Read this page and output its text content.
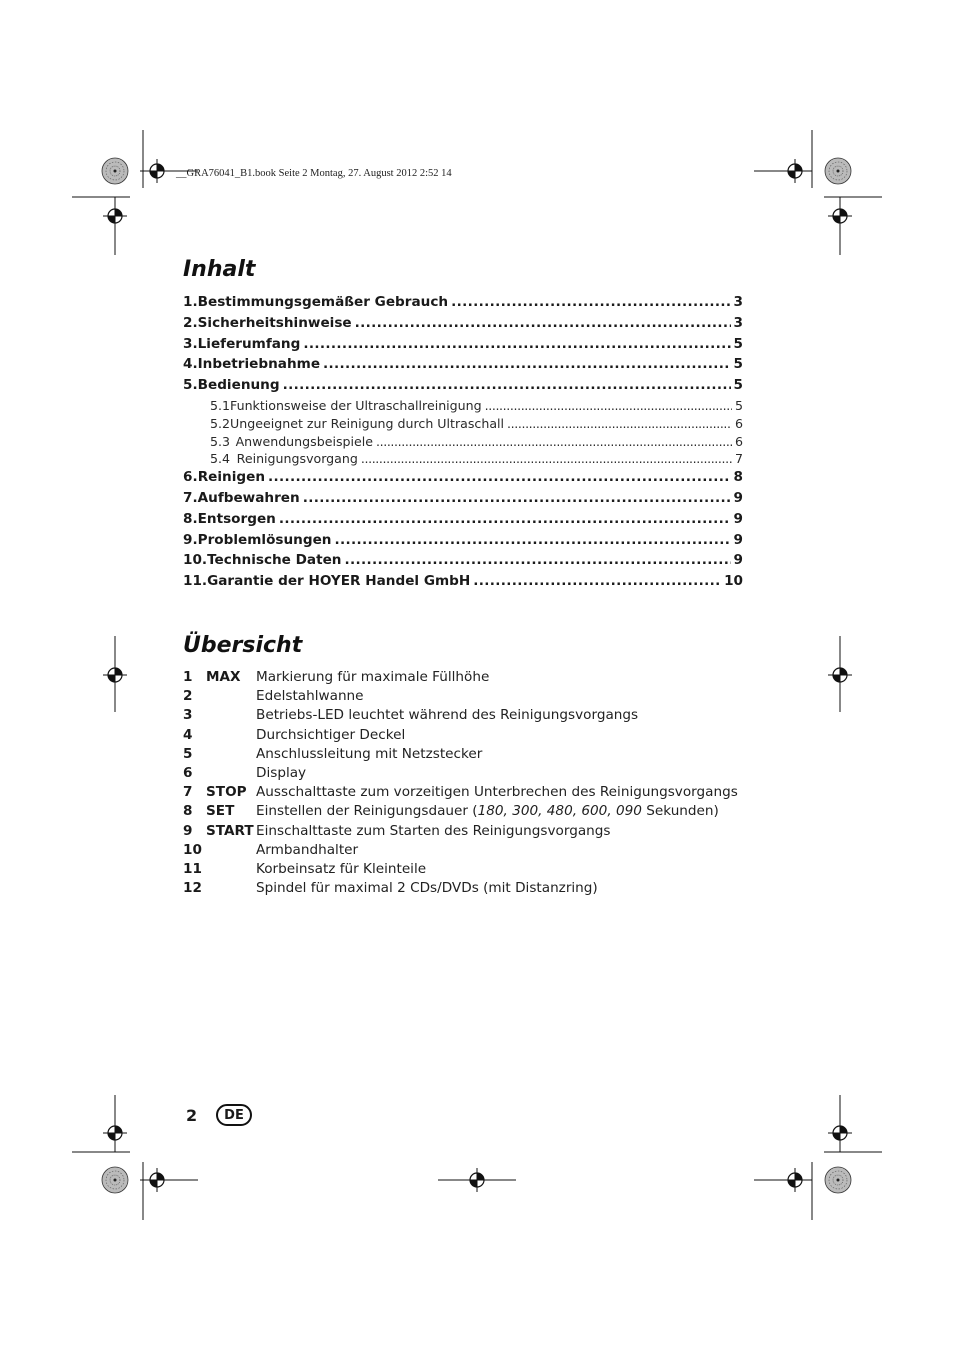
__GRA76041_B1.book Seite 2 Montag, 27. August 2012 2:52 14
Inhalt
1. Bestimmungsgemäßer Gebrauch . . .	3
2. Sicherheitshinweise . . .	3
3. Lieferumfang . . .	5
4. Inbetriebnahme . . .	5
5. Bedienung . . .	5
5.1 Funktionsweise der Ultraschallreinigung . . .	5
5.2 Ungeeignet zur Reinigung durch Ultraschall . . .	6
5.3 Anwendungsbeispiele . . .	6
5.4 Reinigungsvorgang . . .	7
6. Reinigen . . .	8
7. Aufbewahren . . .	9
8. Entsorgen . . .	9
9. Problemlösungen . . .	9
10. Technische Daten . . .	9
11. Garantie der HOYER Handel GmbH . . .	10
Übersicht
1 MAX	Markierung für maximale Füllhöhe
2	Edelstahlwanne
3	Betriebs-LED leuchtet während des Reinigungsvorgangs
4	Durchsichtiger Deckel
5	Anschlussleitung mit Netzstecker
6	Display
7 STOP Ausschalttaste zum vorzeitigen Unterbrechen des Reinigungsvorgangs
8 SET	Einstellen der Reinigungsdauer (180, 300, 480, 600, 090 Sekunden)
9 START Einschalttaste zum Starten des Reinigungsvorgangs
10	Armbandhalter
11	Korbeinsatz für Kleinteile
12	Spindel für maximal 2 CDs/DVDs (mit Distanzring)
2 DE
